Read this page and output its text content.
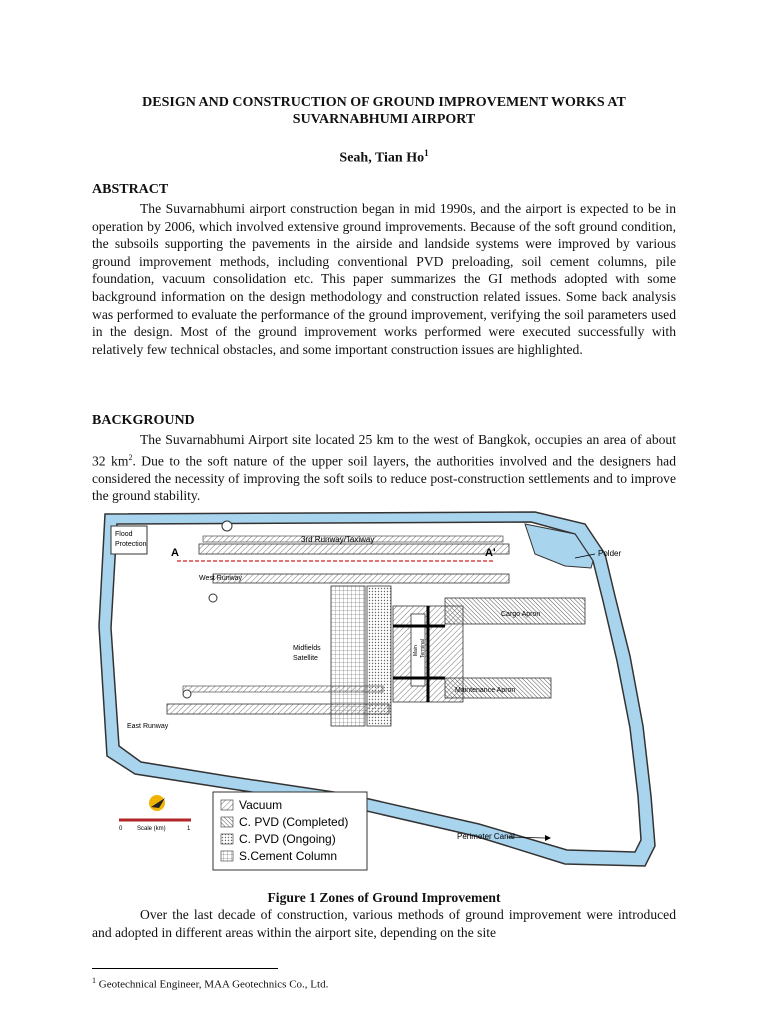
DESIGN AND CONSTRUCTION OF GROUND IMPROVEMENT WORKS AT
SUVARNABHUMI AIRPORT
Seah, Tian Ho$^1$
ABSTRACT

The Suvarnabhumi airport construction began in mid 1990s, and the airport is expected to be in operation by 2006, which involved extensive ground improvements. Because of the soft ground condition, the subsoils supporting the pavements in the airside and landside systems were improved by various ground improvement methods, including conventional PVD preloading, soil cement columns, pile foundation, vacuum consolidation etc. This paper summarizes the GI methods adopted with some background information on the design methodology and construction related issues. Some back analysis was performed to evaluate the performance of the ground improvement, verifying the soil parameters used in the design. Most of the ground improvement works performed were executed successfully with relatively few technical obstacles, and some important construction issues are highlighted.

BACKGROUND

The Suvarnabhumi Airport site located 25 km to the west of Bangkok, occupies an area of about 32 $km^2$. Due to the soft nature of the upper soil layers, the authorities involved and the designers had considered the necessity of improving the soft soils to reduce post-construction settlements and to improve the ground stability.

Flood
Protection
3rd Runway/Taxiway
A	A'
West Runway
Polder
Cargo Apron
Main Terminal
Midfields
Satellite
Maintenance Apron
East Runway
Perimeter Canal
0 Scale (km)	1
Vacuum
C. PVD (Completed)
C. PVD (Ongoing)
S.Cement Column
Figure 1 Zones of Ground Improvement

Over the last decade of construction, various methods of ground improvement were introduced and adopted in different areas within the airport site, depending on the site

$^1$ Geotechnical Engineer, MAA Geotechnics Co., Ltd.
